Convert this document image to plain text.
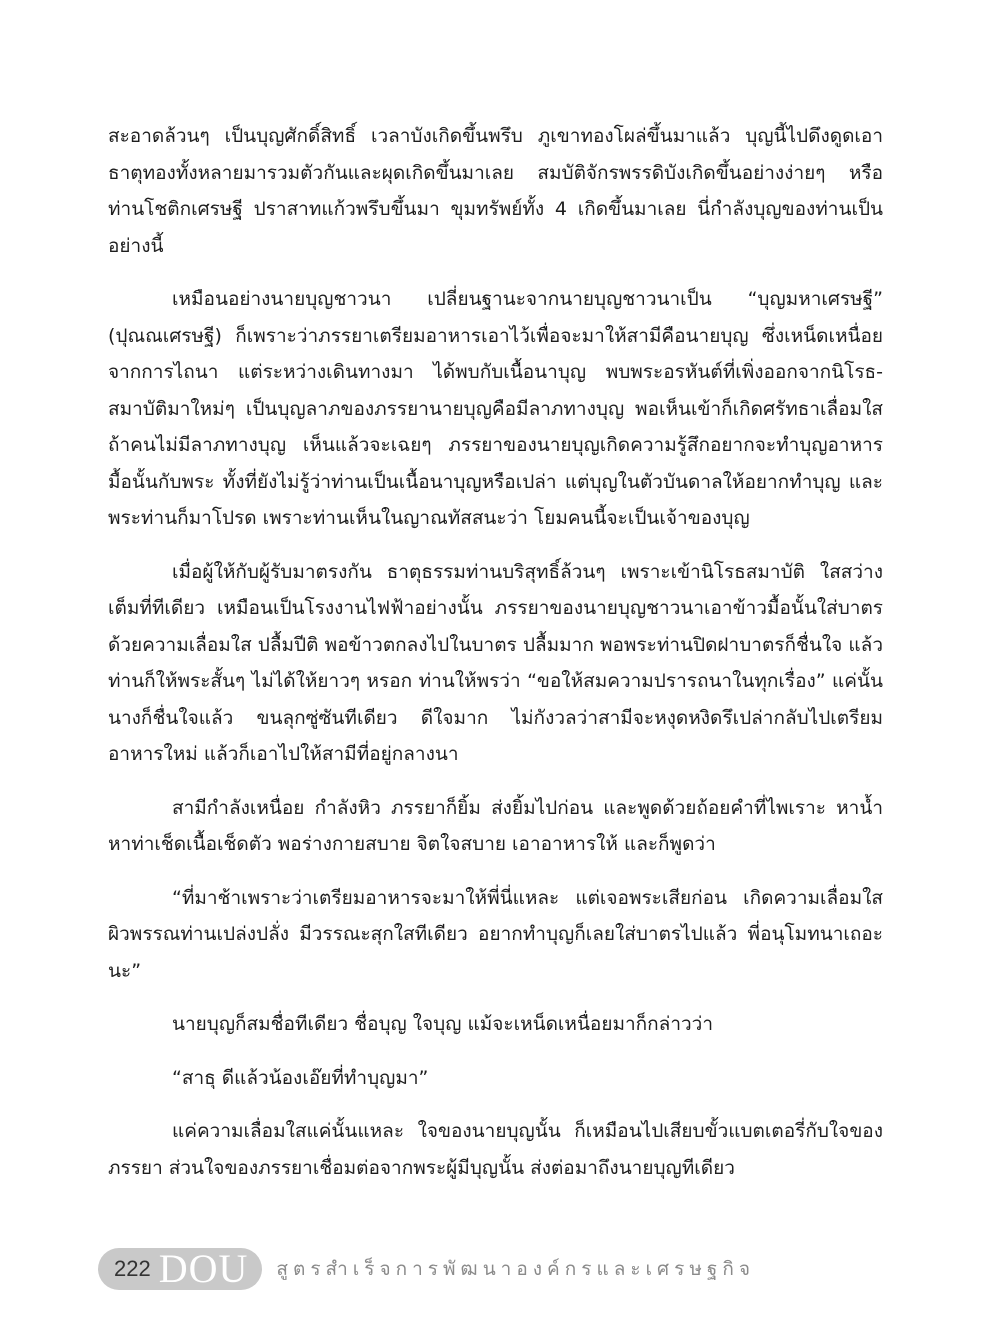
สะอาดล้วนๆ เป็นบุญศักดิ์สิทธิ์ เวลาบังเกิดขึ้นพรึบ ภูเขาทองโผล่ขึ้นมาแล้ว บุญนี้ไปดึงดูดเอาธาตุทองทั้งหลายมารวมตัวกันและผุดเกิดขึ้นมาเลย สมบัติจักรพรรดิบังเกิดขึ้นอย่างง่ายๆ หรือท่านโชติกเศรษฐี ปราสาทแก้วพรึบขึ้นมา ขุมทรัพย์ทั้ง 4 เกิดขึ้นมาเลย นี่กำลังบุญของท่านเป็นอย่างนี้

เหมือนอย่างนายบุญชาวนา เปลี่ยนฐานะจากนายบุญชาวนาเป็น “บุญมหาเศรษฐี” (ปุณณเศรษฐี) ก็เพราะว่าภรรยาเตรียมอาหารเอาไว้เพื่อจะมาให้สามีคือนายบุญ ซึ่งเหน็ดเหนื่อยจากการไถนา แต่ระหว่างเดินทางมา ได้พบกับเนื้อนาบุญ พบพระอรหันต์ที่เพิ่งออกจากนิโรธ-สมาบัติมาใหม่ๆ เป็นบุญลาภของภรรยานายบุญคือมีลาภทางบุญ พอเห็นเข้าก็เกิดศรัทธาเลื่อมใส ถ้าคนไม่มีลาภทางบุญ เห็นแล้วจะเฉยๆ ภรรยาของนายบุญเกิดความรู้สึกอยากจะทำบุญอาหารมื้อนั้นกับพระ ทั้งที่ยังไม่รู้ว่าท่านเป็นเนื้อนาบุญหรือเปล่า แต่บุญในตัวบันดาลให้อยากทำบุญ และพระท่านก็มาโปรด เพราะท่านเห็นในญาณทัสสนะว่า โยมคนนี้จะเป็นเจ้าของบุญ

เมื่อผู้ให้กับผู้รับมาตรงกัน ธาตุธรรมท่านบริสุทธิ์ล้วนๆ เพราะเข้านิโรธสมาบัติ ใสสว่างเต็มที่ทีเดียว เหมือนเป็นโรงงานไฟฟ้าอย่างนั้น ภรรยาของนายบุญชาวนาเอาข้าวมื้อนั้นใส่บาตรด้วยความเลื่อมใส ปลื้มปีติ พอข้าวตกลงไปในบาตร ปลื้มมาก พอพระท่านปิดฝาบาตรก็ชื่นใจ แล้วท่านก็ให้พระสั้นๆ ไม่ได้ให้ยาวๆ หรอก ท่านให้พรว่า “ขอให้สมความปรารถนาในทุกเรื่อง” แค่นั้นนางก็ชื่นใจแล้ว ขนลุกซู่ซันทีเดียว ดีใจมาก ไม่กังวลว่าสามีจะหงุดหงิดรึเปล่ากลับไปเตรียมอาหารใหม่ แล้วก็เอาไปให้สามีที่อยู่กลางนา

สามีกำลังเหนื่อย กำลังหิว ภรรยาก็ยิ้ม ส่งยิ้มไปก่อน และพูดด้วยถ้อยคำที่ไพเราะ หาน้ำหาท่าเช็ดเนื้อเช็ดตัว พอร่างกายสบาย จิตใจสบาย เอาอาหารให้ และก็พูดว่า

“ที่มาช้าเพราะว่าเตรียมอาหารจะมาให้พี่นี่แหละ แต่เจอพระเสียก่อน เกิดความเลื่อมใส ผิวพรรณท่านเปล่งปลั่ง มีวรรณะสุกใสทีเดียว อยากทำบุญก็เลยใส่บาตรไปแล้ว พี่อนุโมทนาเถอะนะ”

นายบุญก็สมชื่อทีเดียว ชื่อบุญ ใจบุญ แม้จะเหน็ดเหนื่อยมาก็กล่าวว่า

“สาธุ ดีแล้วน้องเอ๊ยที่ทำบุญมา”

แค่ความเลื่อมใสแค่นั้นแหละ ใจของนายบุญนั้น ก็เหมือนไปเสียบขั้วแบตเตอรี่กับใจของภรรยา ส่วนใจของภรรยาเชื่อมต่อจากพระผู้มีบุญนั้น ส่งต่อมาถึงนายบุญทีเดียว

222 DOU สูตรสำเร็จการพัฒนาองค์กรและเศรษฐกิจ
